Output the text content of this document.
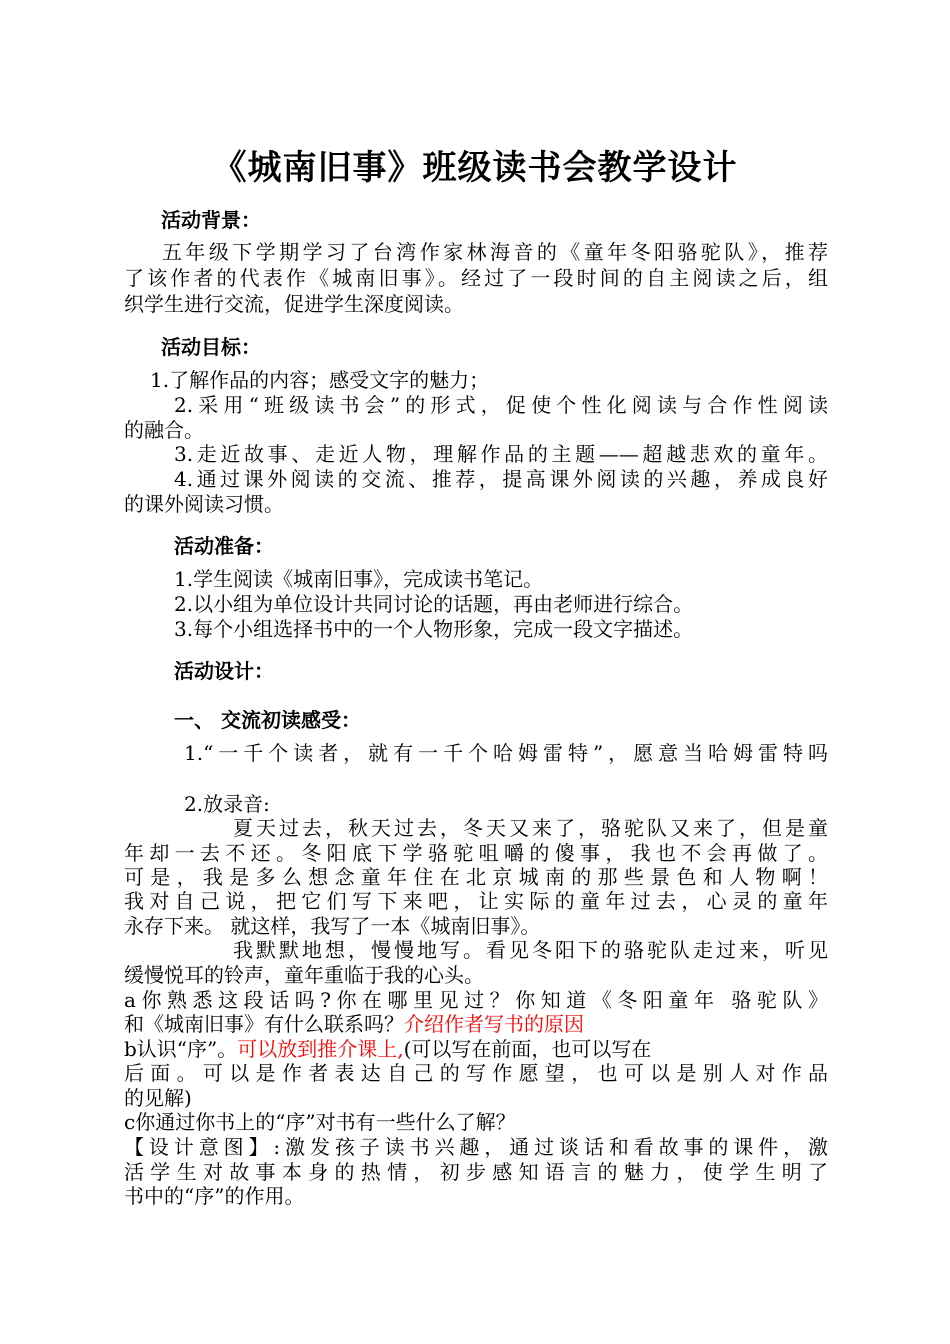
《城南旧事》班级读书会教学设计
活动背景：
五年级下学期学习了台湾作家林海音的《童年冬阳骆驼队》，推荐
了该作者的代表作《城南旧事》。经过了一段时间的自主阅读之后，组
织学生进行交流，促进学生深度阅读。
活动目标：
1.了解作品的内容；感受文字的魅力；
2.采用“班级读书会”的形式，促使个性化阅读与合作性阅读
的融合。
3.走近故事、走近人物，理解作品的主题——超越悲欢的童年。
4.通过课外阅读的交流、推荐，提高课外阅读的兴趣，养成良好
的课外阅读习惯。
活动准备：
1.学生阅读《城南旧事》，完成读书笔记。
2.以小组为单位设计共同讨论的话题，再由老师进行综合。
3.每个小组选择书中的一个人物形象，完成一段文字描述。
活动设计：
一、 交流初读感受：
1.“一千个读者，就有一千个哈姆雷特”，愿意当哈姆雷特吗
2.放录音:
夏天过去，秋天过去，冬天又来了，骆驼队又来了，但是童
年却一去不还。冬阳底下学骆驼咀嚼的傻事，我也不会再做了。
可是，我是多么想念童年住在北京城南的那些景色和人物啊！
我对自己说，把它们写下来吧，让实际的童年过去，心灵的童年
永存下来。 就这样，我写了一本《城南旧事》。
我默默地想，慢慢地写。看见冬阳下的骆驼队走过来，听见
缓慢悦耳的铃声，童年重临于我的心头。
a你熟悉这段话吗?你在哪里见过？你知道《冬阳童年 骆驼队》
和《城南旧事》有什么联系吗？介绍作者写书的原因
b认识“序”。可以放到推介课上,(可以写在前面，也可以写在
后面。可以是作者表达自己的写作愿望，也可以是别人对作品
的见解)
c你通过你书上的“序”对书有一些什么了解？
【设计意图】:激发孩子读书兴趣，通过谈话和看故事的课件，激
活学生对故事本身的热情，初步感知语言的魅力，使学生明了
书中的“序”的作用。
